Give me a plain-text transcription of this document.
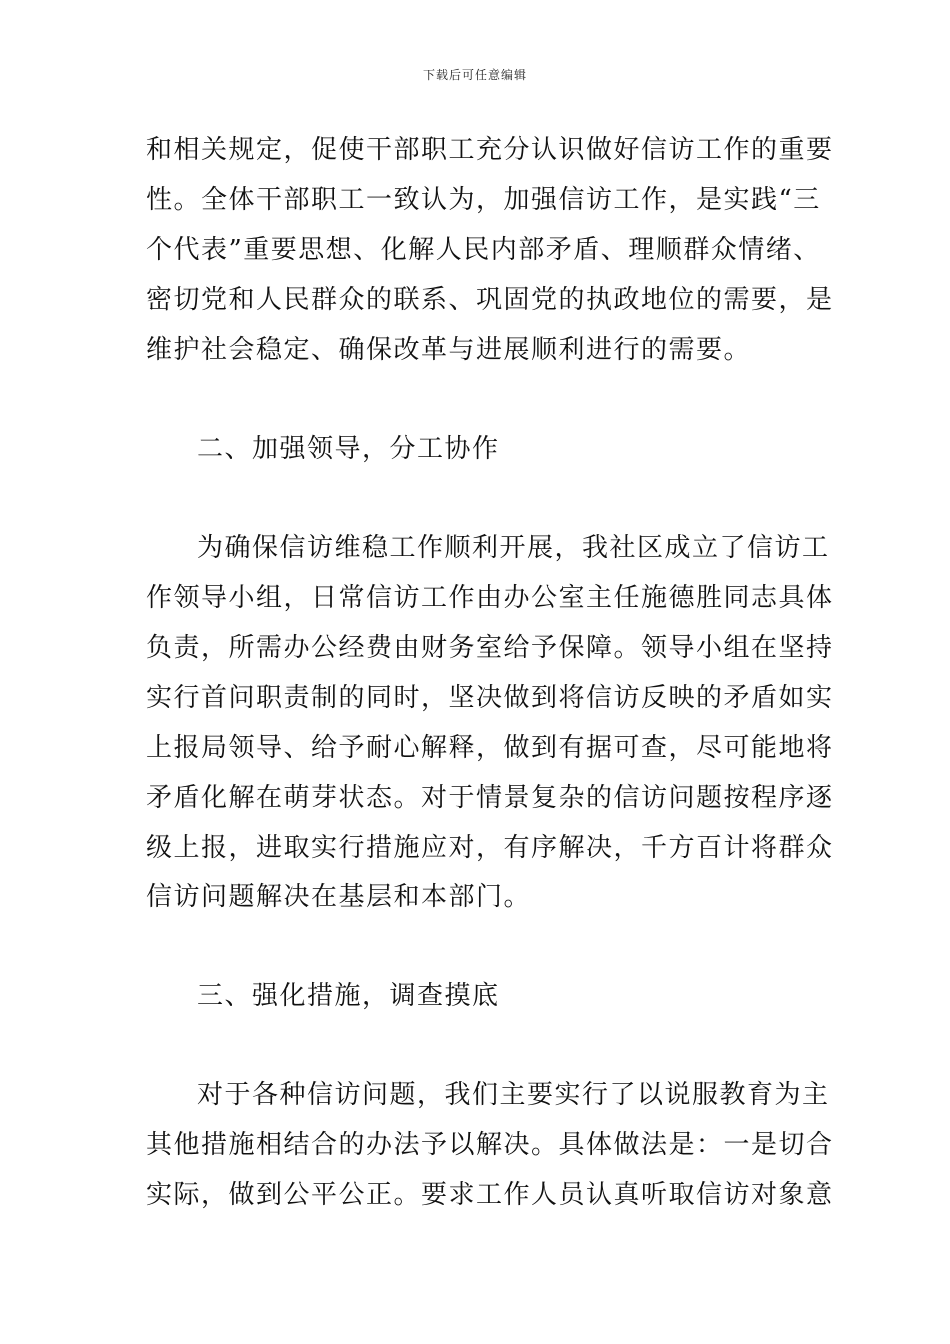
下载后可任意编辑
和相关规定，促使干部职工充分认识做好信访工作的重要
性。全体干部职工一致认为，加强信访工作，是实践“三
个代表”重要思想、化解人民内部矛盾、理顺群众情绪、
密切党和人民群众的联系、巩固党的执政地位的需要，是
维护社会稳定、确保改革与进展顺利进行的需要。
二、加强领导，分工协作
为确保信访维稳工作顺利开展，我社区成立了信访工
作领导小组，日常信访工作由办公室主任施德胜同志具体
负责，所需办公经费由财务室给予保障。领导小组在坚持
实行首问职责制的同时，坚决做到将信访反映的矛盾如实
上报局领导、给予耐心解释，做到有据可查，尽可能地将
矛盾化解在萌芽状态。对于情景复杂的信访问题按程序逐
级上报，进取实行措施应对，有序解决，千方百计将群众
信访问题解决在基层和本部门。
三、强化措施，调查摸底
对于各种信访问题，我们主要实行了以说服教育为主
其他措施相结合的办法予以解决。具体做法是：一是切合
实际，做到公平公正。要求工作人员认真听取信访对象意
